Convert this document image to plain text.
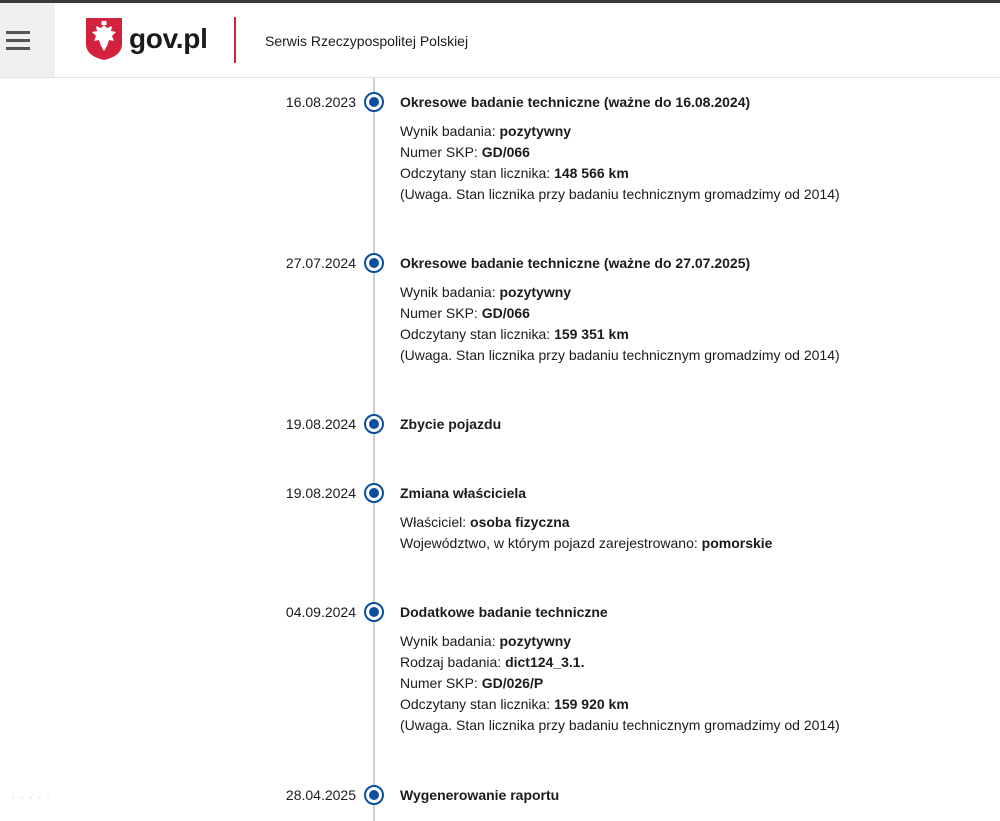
gov.pl	Serwis Rzeczypospolitej Polskiej
16.08.2023	Okresowe badanie techniczne (ważne do 16.08.2024)
Wynik badania: pozytywny
Numer SKP: GD/066
Odczytany stan licznika: 148 566 km
(Uwaga. Stan licznika przy badaniu technicznym gromadzimy od 2014)
27.07.2024	Okresowe badanie techniczne (ważne do 27.07.2025)
Wynik badania: pozytywny
Numer SKP: GD/066
Odczytany stan licznika: 159 351 km
(Uwaga. Stan licznika przy badaniu technicznym gromadzimy od 2014)
19.08.2024	Zbycie pojazdu
19.08.2024	Zmiana właściciela
Właściciel: osoba fizyczna
Województwo, w którym pojazd zarejestrowano: pomorskie
04.09.2024	Dodatkowe badanie techniczne
Wynik badania: pozytywny
Rodzaj badania: dict124_3.1.
Numer SKP: GD/026/P
Odczytany stan licznika: 159 920 km
(Uwaga. Stan licznika przy badaniu technicznym gromadzimy od 2014)
28.04.2025	Wygenerowanie raportu
·····
